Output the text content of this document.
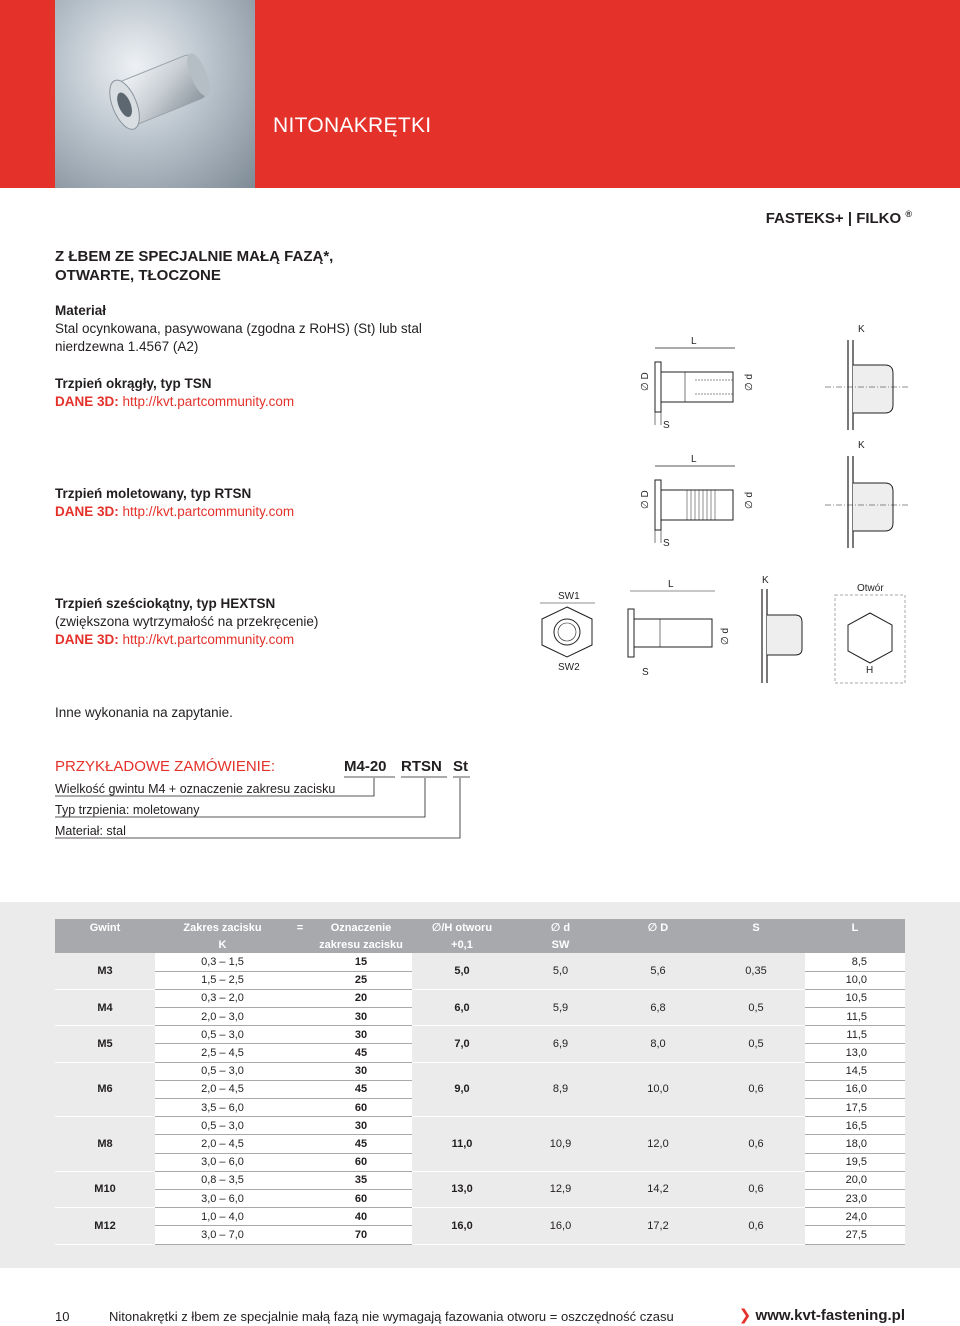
NITONAKRĘTKI
FASTEKS+ | FILKO ®
Z ŁBEM ZE SPECJALNIE MAŁĄ FAZĄ*,
OTWARTE, TŁOCZONE
Materiał
Stal ocynkowana, pasywowana (zgodna z RoHS) (St) lub stal
nierdzewna 1.4567 (A2)
Trzpień okrągły, typ TSN
DANE 3D: http://kvt.partcommunity.com
Trzpień moletowany, typ RTSN
DANE 3D: http://kvt.partcommunity.com
Trzpień sześciokątny, typ HEXTSN
(zwiększona wytrzymałość na przekręcenie)
DANE 3D: http://kvt.partcommunity.com
Inne wykonania na zapytanie.
L
∅ D	∅ d
S
K
L
∅ D	∅ d
S
K
SW1
SW2
L
∅ d
S
K
Otwór
H
PRZYKŁADOWE ZAMÓWIENIE:	M4-20 RTSN St
Wielkość gwintu M4 + oznaczenie zakresu zacisku
Typ trzpienia: moletowany
Materiał: stal
Gwint	Zakres zacisku	=	Oznaczenie	∅/H otworu	∅ d	∅ D	S	L
	K		zakresu zacisku	+0,1	SW			
M3	0,3 – 1,5		15	5,0	5,0	5,6	0,35	8,5
	1,5 – 2,5		25					10,0
M4	0,3 – 2,0		20	6,0	5,9	6,8	0,5	10,5
	2,0 – 3,0		30					11,5
M5	0,5 – 3,0		30	7,0	6,9	8,0	0,5	11,5
	2,5 – 4,5		45					13,0
M6	0,5 – 3,0		30	9,0	8,9	10,0	0,6	14,5
	2,0 – 4,5		45					16,0
	3,5 – 6,0		60					17,5
M8	0,5 – 3,0		30	11,0	10,9	12,0	0,6	16,5
	2,0 – 4,5		45					18,0
	3,0 – 6,0		60					19,5
M10	0,8 – 3,5		35	13,0	12,9	14,2	0,6	20,0
	3,0 – 6,0		60					23,0
M12	1,0 – 4,0		40	16,0	16,0	17,2	0,6	24,0
	3,0 – 7,0		70					27,5
10	Nitonakrętki z łbem ze specjalnie małą fazą nie wymagają fazowania otworu = oszczędność czasu	❯ www.kvt-fastening.pl
